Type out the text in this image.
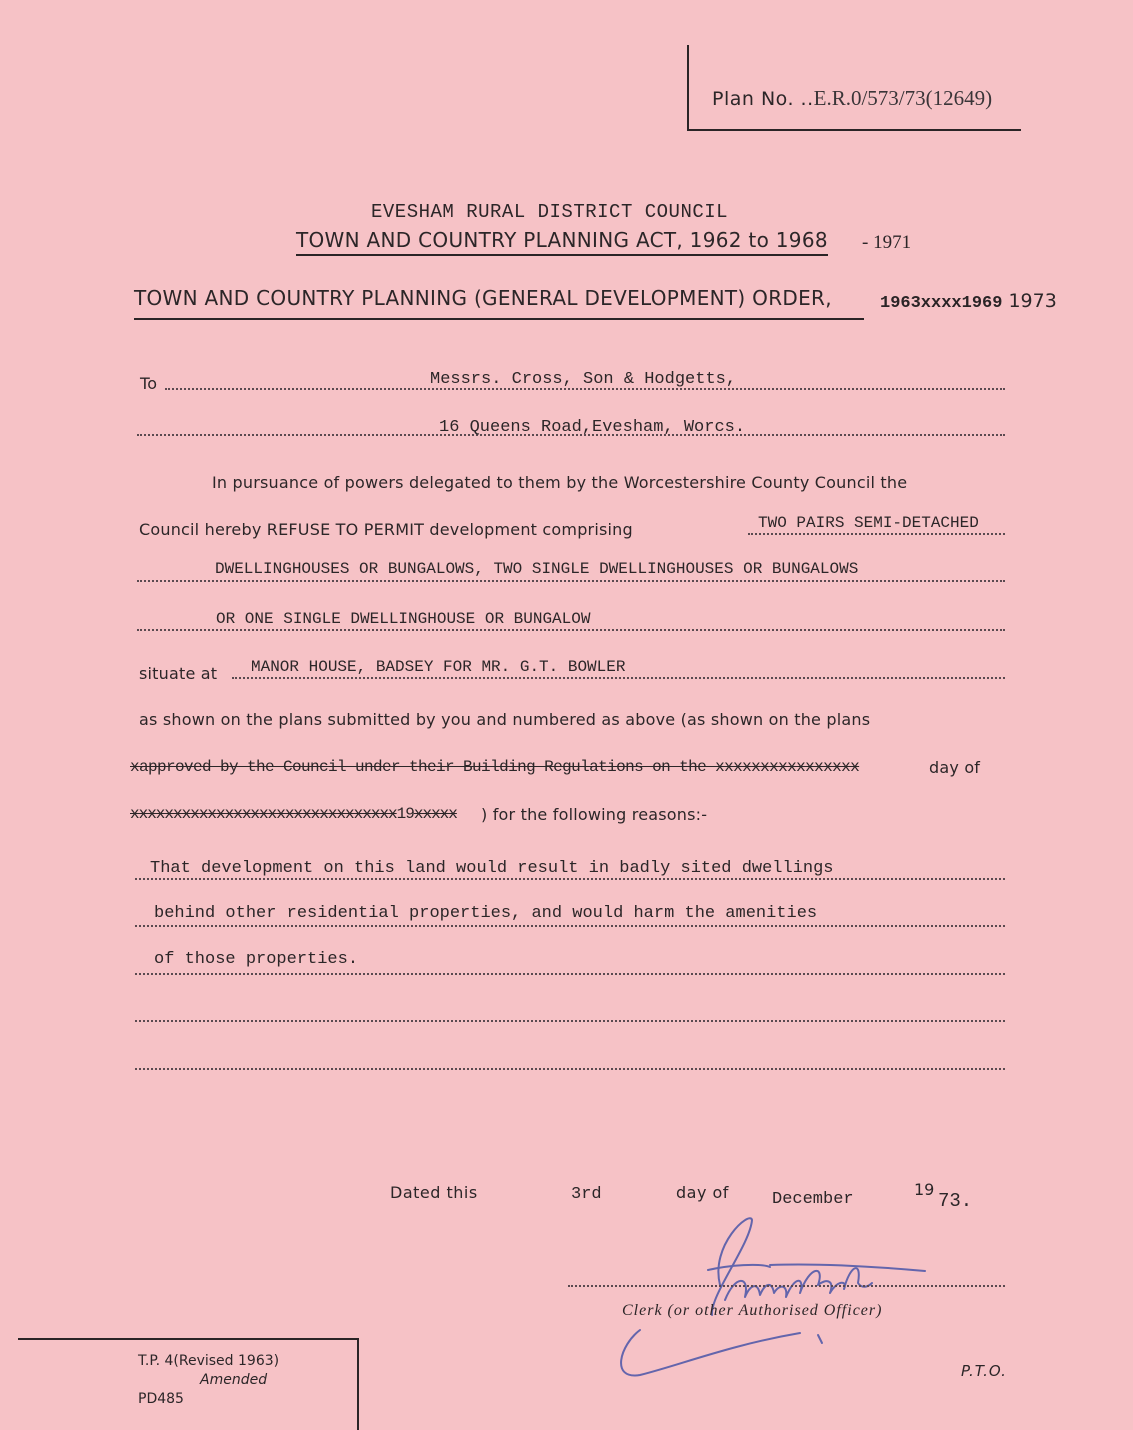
Plan No. ..E.R.0/573/73(12649)
EVESHAM RURAL DISTRICT COUNCIL
TOWN AND COUNTRY PLANNING ACT, 1962 to 1968 - 1971
TOWN AND COUNTRY PLANNING (GENERAL DEVELOPMENT) ORDER,	1963xxxx1969 1973
To	Messrs. Cross, Son & Hodgetts,
16 Queens Road,Evesham, Worcs.
In pursuance of powers delegated to them by the Worcestershire County Council the
Council hereby REFUSE TO PERMIT development comprising	TWO PAIRS SEMI-DETACHED
DWELLINGHOUSES OR BUNGALOWS, TWO SINGLE DWELLINGHOUSES OR BUNGALOWS
OR ONE SINGLE DWELLINGHOUSE OR BUNGALOW
situate at MANOR HOUSE, BADSEY FOR MR. G.T. BOWLER
as shown on the plans submitted by you and numbered as above (as shown on the plans
xapproved by the Council under their Building Regulations on the xxxxxxxxxxxxxxxx	day of
xxxxxxxxxxxxxxxxxxxxxxxxxxxxxxx19xxxxx ) for the following reasons:-
That development on this land would result in badly sited dwellings
behind other residential properties, and would harm the amenities
of those properties.
Dated this	3rd	day of	December
19
73.
Clerk (or other Authorised Officer)
T.P. 4(Revised 1963)
Amended
PD485
P.T.O.
